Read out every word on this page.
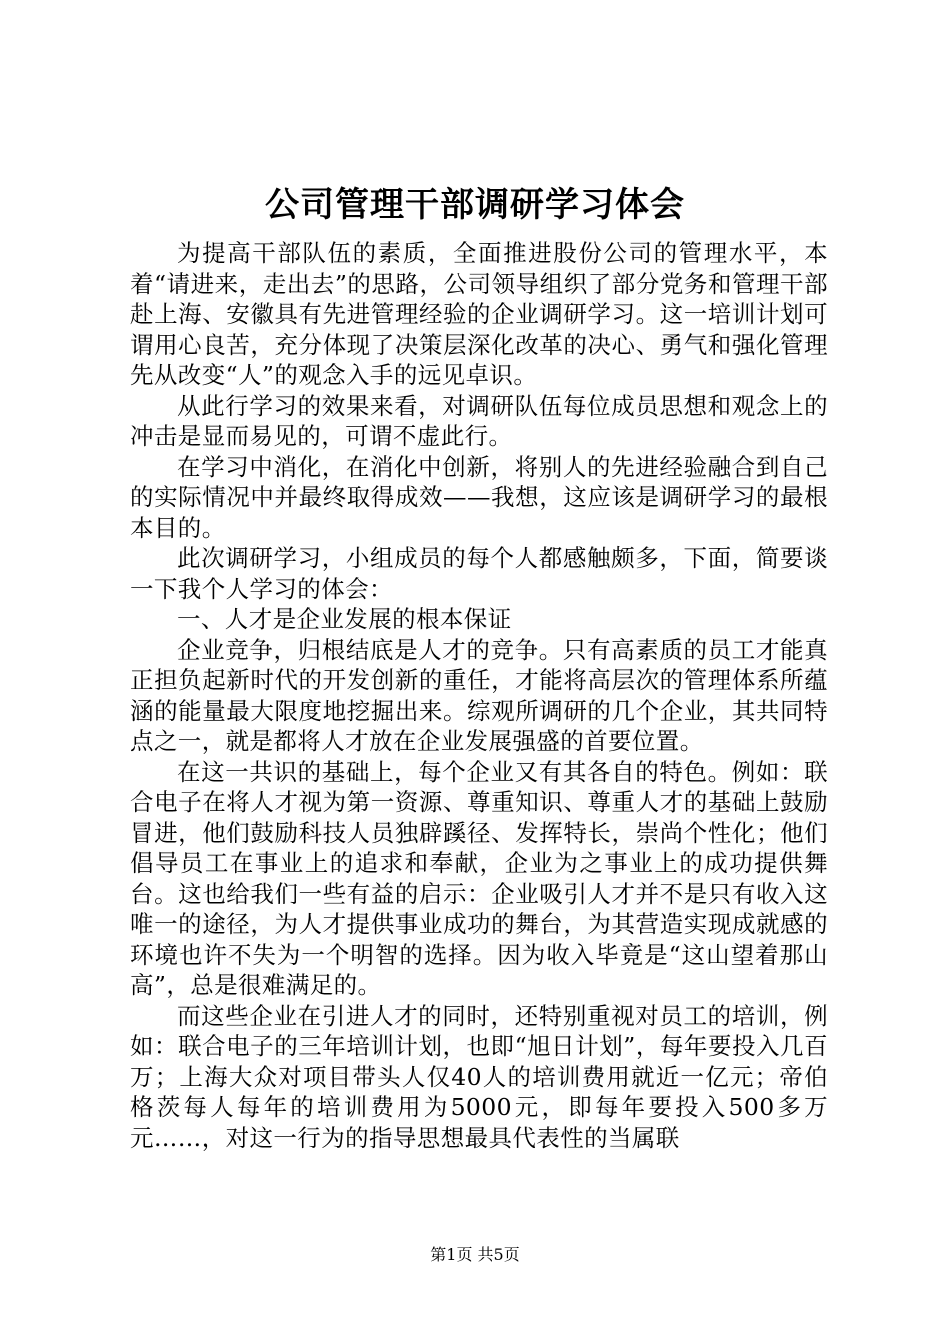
公司管理干部调研学习体会

为提高干部队伍的素质，全面推进股份公司的管理水平，本着“请进来，走出去”的思路，公司领导组织了部分党务和管理干部赴上海、安徽具有先进管理经验的企业调研学习。这一培训计划可谓用心良苦，充分体现了决策层深化改革的决心、勇气和强化管理先从改变“人”的观念入手的远见卓识。

从此行学习的效果来看，对调研队伍每位成员思想和观念上的冲击是显而易见的，可谓不虚此行。

在学习中消化，在消化中创新，将别人的先进经验融合到自己的实际情况中并最终取得成效——我想，这应该是调研学习的最根本目的。

此次调研学习，小组成员的每个人都感触颇多，下面，简要谈一下我个人学习的体会：

一、人才是企业发展的根本保证

企业竞争，归根结底是人才的竞争。只有高素质的员工才能真正担负起新时代的开发创新的重任，才能将高层次的管理体系所蕴涵的能量最大限度地挖掘出来。综观所调研的几个企业，其共同特点之一，就是都将人才放在企业发展强盛的首要位置。

在这一共识的基础上，每个企业又有其各自的特色。例如：联合电子在将人才视为第一资源、尊重知识、尊重人才的基础上鼓励冒进，他们鼓励科技人员独辟蹊径、发挥特长，崇尚个性化；他们倡导员工在事业上的追求和奉献，企业为之事业上的成功提供舞台。这也给我们一些有益的启示：企业吸引人才并不是只有收入这唯一的途径，为人才提供事业成功的舞台，为其营造实现成就感的环境也许不失为一个明智的选择。因为收入毕竟是“这山望着那山高”，总是很难满足的。

而这些企业在引进人才的同时，还特别重视对员工的培训，例如：联合电子的三年培训计划，也即“旭日计划”，每年要投入几百万；上海大众对项目带头人仅40人的培训费用就近一亿元；帝伯格茨每人每年的培训费用为5000元，即每年要投入500多万元……，对这一行为的指导思想最具代表性的当属联

第1页 共5页
